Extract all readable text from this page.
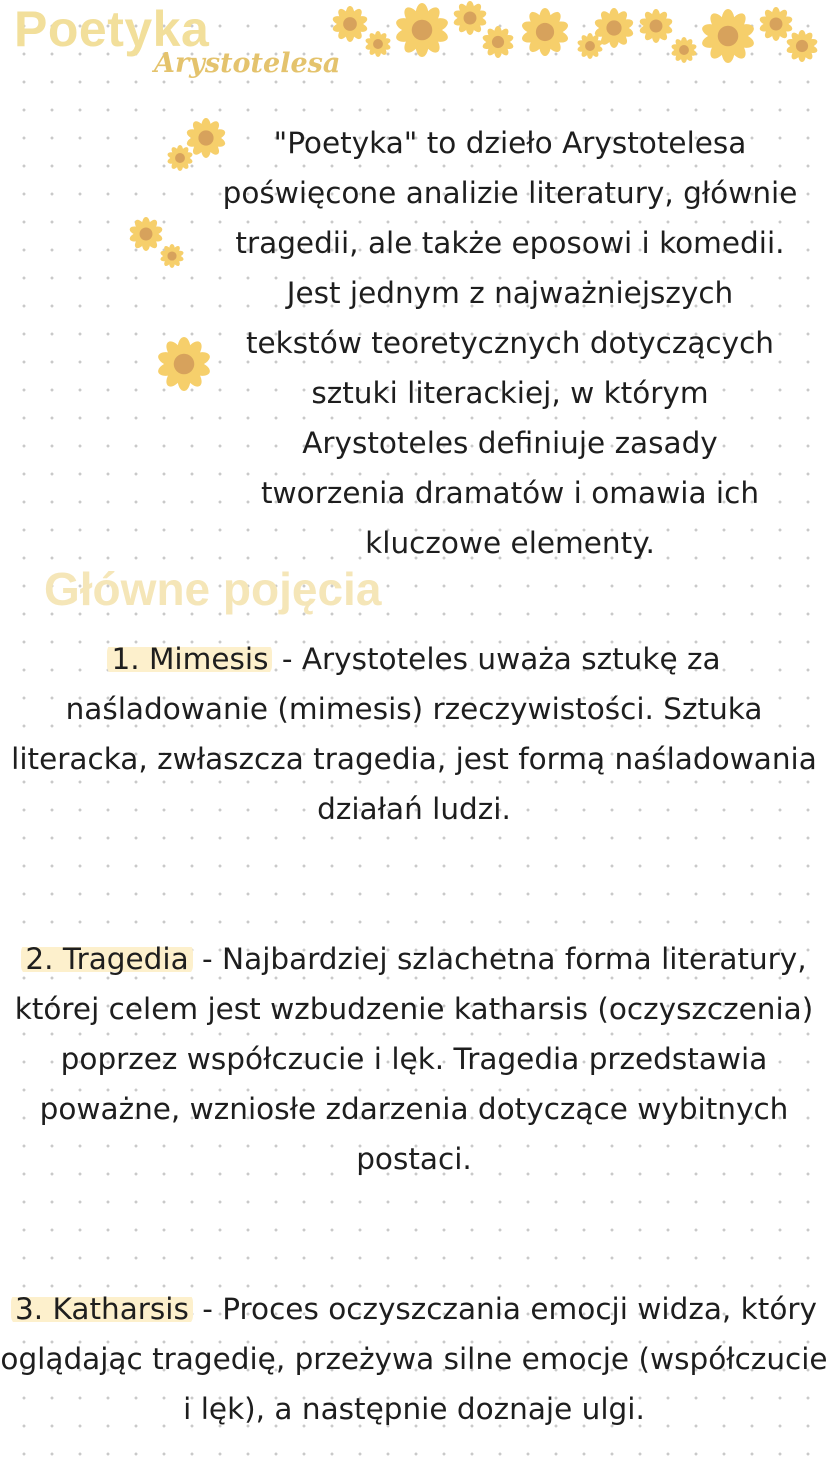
Poetyka
Arystotelesa
"Poetyka" to dzieło Arystotelesa
poświęcone analizie literatury, głównie
tragedii, ale także eposowi i komedii.
Jest jednym z najważniejszych
tekstów teoretycznych dotyczących
sztuki literackiej, w którym
Arystoteles definiuje zasady
tworzenia dramatów i omawia ich
kluczowe elementy.
Główne pojęcia
1. Mimesis - Arystoteles uważa sztukę za
naśladowanie (mimesis) rzeczywistości. Sztuka
literacka, zwłaszcza tragedia, jest formą naśladowania
działań ludzi.
2. Tragedia - Najbardziej szlachetna forma literatury,
której celem jest wzbudzenie katharsis (oczyszczenia)
poprzez współczucie i lęk. Tragedia przedstawia
poważne, wzniosłe zdarzenia dotyczące wybitnych
postaci.
3. Katharsis - Proces oczyszczania emocji widza, który
oglądając tragedię, przeżywa silne emocje (współczucie
i lęk), a następnie doznaje ulgi.
